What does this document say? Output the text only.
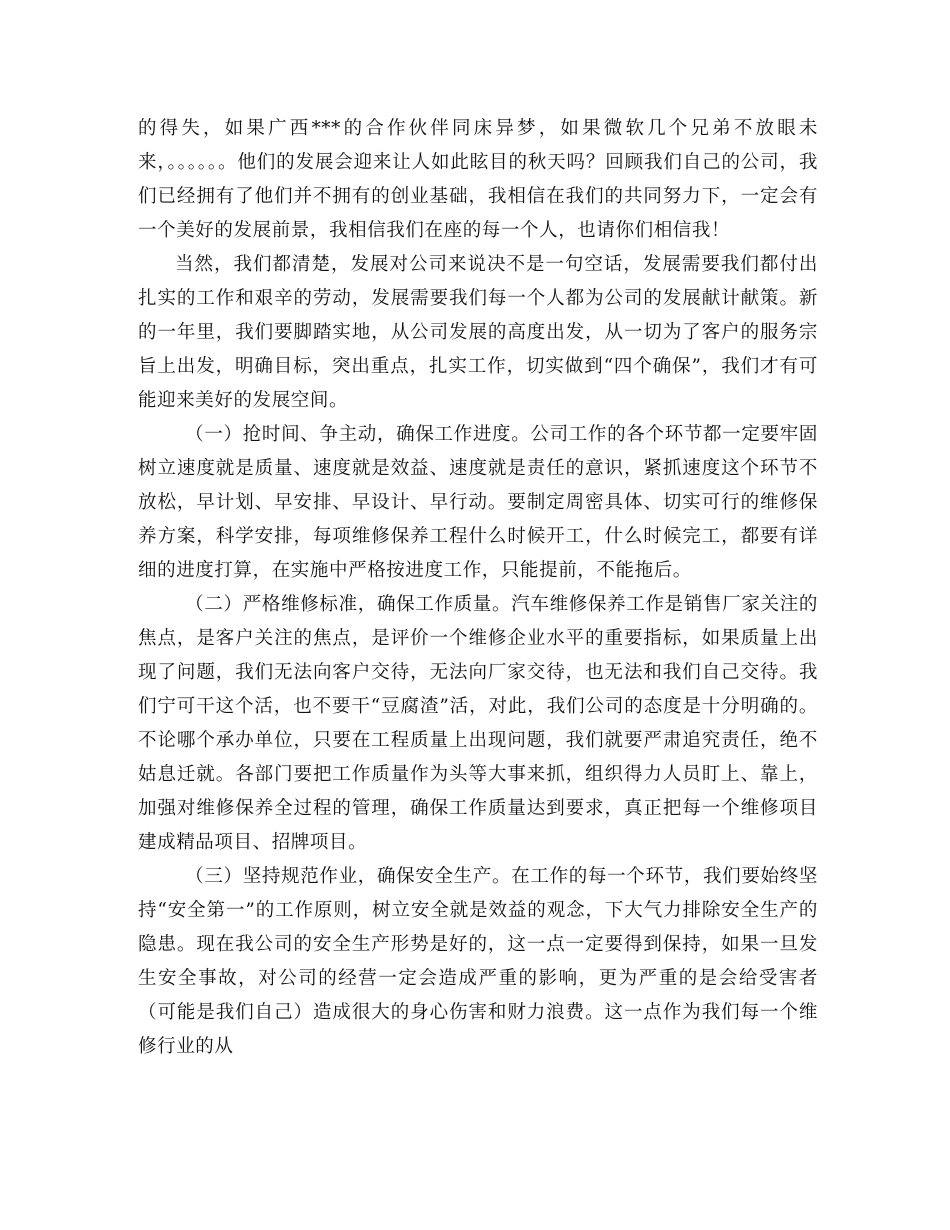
的得失，如果广西***的合作伙伴同床异梦，如果微软几个兄弟不放眼未来，。。。。。。他们的发展会迎来让人如此眩目的秋天吗？回顾我们自己的公司，我们已经拥有了他们并不拥有的创业基础，我相信在我们的共同努力下，一定会有一个美好的发展前景，我相信我们在座的每一个人，也请你们相信我！

当然，我们都清楚，发展对公司来说决不是一句空话，发展需要我们都付出扎实的工作和艰辛的劳动，发展需要我们每一个人都为公司的发展献计献策。新的一年里，我们要脚踏实地，从公司发展的高度出发，从一切为了客户的服务宗旨上出发，明确目标，突出重点，扎实工作，切实做到“四个确保”，我们才有可能迎来美好的发展空间。

（一）抢时间、争主动，确保工作进度。公司工作的各个环节都一定要牢固树立速度就是质量、速度就是效益、速度就是责任的意识，紧抓速度这个环节不放松，早计划、早安排、早设计、早行动。要制定周密具体、切实可行的维修保养方案，科学安排，每项维修保养工程什么时候开工，什么时候完工，都要有详细的进度打算，在实施中严格按进度工作，只能提前，不能拖后。

（二）严格维修标准，确保工作质量。汽车维修保养工作是销售厂家关注的焦点，是客户关注的焦点，是评价一个维修企业水平的重要指标，如果质量上出现了问题，我们无法向客户交待，无法向厂家交待，也无法和我们自己交待。我们宁可干这个活，也不要干“豆腐渣”活，对此，我们公司的态度是十分明确的。不论哪个承办单位，只要在工程质量上出现问题，我们就要严肃追究责任，绝不姑息迁就。各部门要把工作质量作为头等大事来抓，组织得力人员盯上、靠上，加强对维修保养全过程的管理，确保工作质量达到要求，真正把每一个维修项目建成精品项目、招牌项目。

（三）坚持规范作业，确保安全生产。在工作的每一个环节，我们要始终坚持“安全第一”的工作原则，树立安全就是效益的观念，下大气力排除安全生产的隐患。现在我公司的安全生产形势是好的，这一点一定要得到保持，如果一旦发生安全事故，对公司的经营一定会造成严重的影响，更为严重的是会给受害者（可能是我们自己）造成很大的身心伤害和财力浪费。这一点作为我们每一个维修行业的从
